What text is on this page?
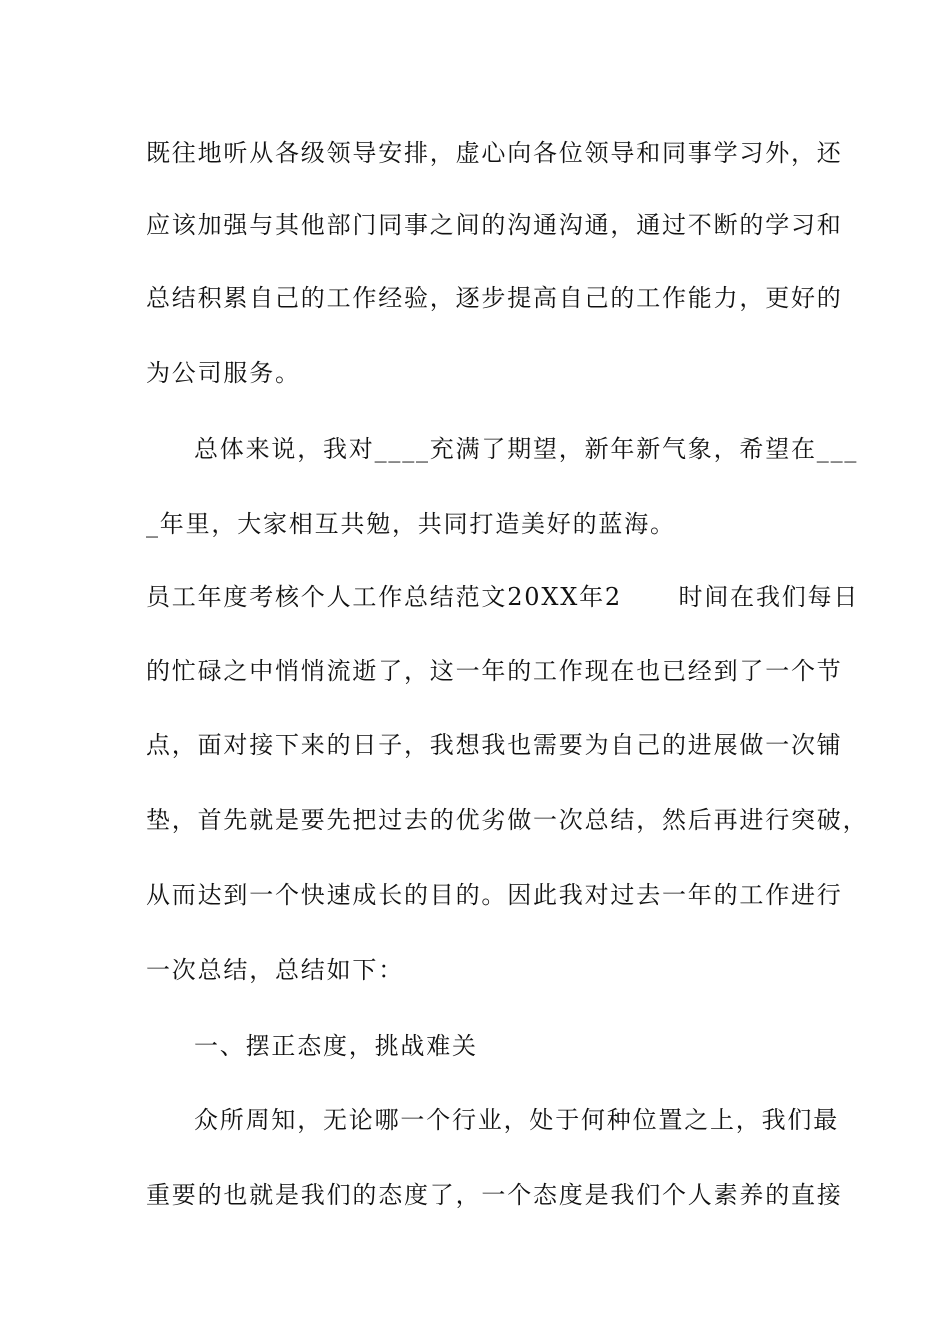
既往地听从各级领导安排，虚心向各位领导和同事学习外，还
应该加强与其他部门同事之间的沟通沟通，通过不断的学习和
总结积累自己的工作经验，逐步提高自己的工作能力，更好的
为公司服务。
总体来说，我对____充满了期望，新年新气象，希望在___
_年里，大家相互共勉，共同打造美好的蓝海。
员工年度考核个人工作总结范文20XX年2      时间在我们每日
的忙碌之中悄悄流逝了，这一年的工作现在也已经到了一个节
点，面对接下来的日子，我想我也需要为自己的进展做一次铺
垫，首先就是要先把过去的优劣做一次总结，然后再进行突破，
从而达到一个快速成长的目的。因此我对过去一年的工作进行
一次总结，总结如下：
一、摆正态度，挑战难关
众所周知，无论哪一个行业，处于何种位置之上，我们最
重要的也就是我们的态度了，一个态度是我们个人素养的直接
